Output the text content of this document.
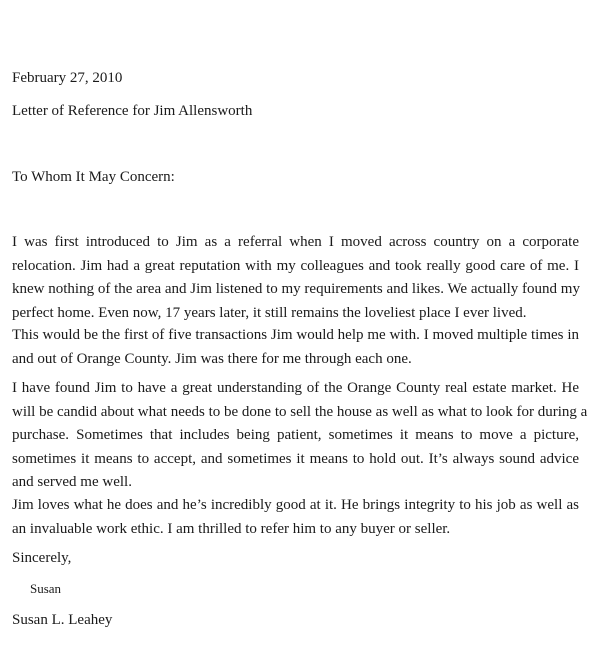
February 27, 2010
Letter of Reference for Jim Allensworth
To Whom It May Concern:
I was first introduced to Jim as a referral when I moved across country on a corporate
relocation. Jim had a great reputation with my colleagues and took really good care of me. I
knew nothing of the area and Jim listened to my requirements and likes. We actually found my
perfect home. Even now, 17 years later, it still remains the loveliest place I ever lived.
This would be the first of five transactions Jim would help me with. I moved multiple times in
and out of Orange County. Jim was there for me through each one.
I have found Jim to have a great understanding of the Orange County real estate market. He
will be candid about what needs to be done to sell the house as well as what to look for during a
purchase. Sometimes that includes being patient, sometimes it means to move a picture,
sometimes it means to accept, and sometimes it means to hold out. It’s always sound advice
and served me well.
Jim loves what he does and he’s incredibly good at it. He brings integrity to his job as well as
an invaluable work ethic. I am thrilled to refer him to any buyer or seller.
Sincerely,
Susan
Susan L. Leahey
